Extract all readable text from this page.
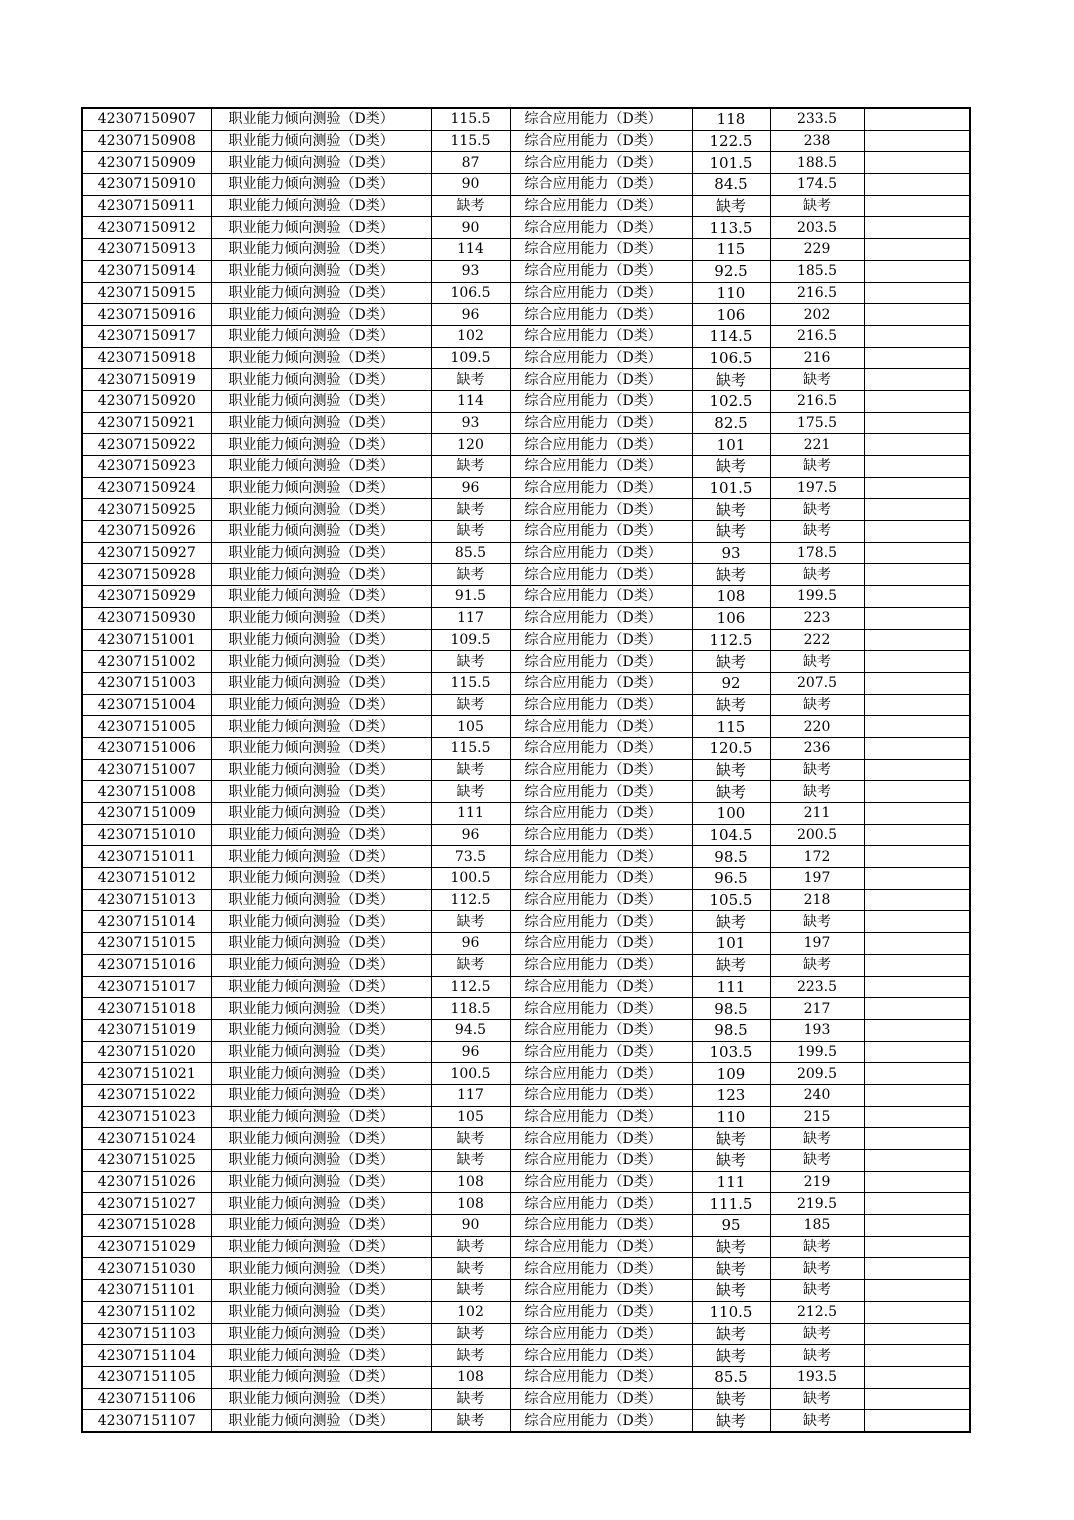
42307150907	职业能力倾向测验（D类）	115.5	综合应用能力（D类）	118	233.5	
42307150908	职业能力倾向测验（D类）	115.5	综合应用能力（D类）	122.5	238	
42307150909	职业能力倾向测验（D类）	87	综合应用能力（D类）	101.5	188.5	
42307150910	职业能力倾向测验（D类）	90	综合应用能力（D类）	84.5	174.5	
42307150911	职业能力倾向测验（D类）	缺考	综合应用能力（D类）	缺考	缺考	
42307150912	职业能力倾向测验（D类）	90	综合应用能力（D类）	113.5	203.5	
42307150913	职业能力倾向测验（D类）	114	综合应用能力（D类）	115	229	
42307150914	职业能力倾向测验（D类）	93	综合应用能力（D类）	92.5	185.5	
42307150915	职业能力倾向测验（D类）	106.5	综合应用能力（D类）	110	216.5	
42307150916	职业能力倾向测验（D类）	96	综合应用能力（D类）	106	202	
42307150917	职业能力倾向测验（D类）	102	综合应用能力（D类）	114.5	216.5	
42307150918	职业能力倾向测验（D类）	109.5	综合应用能力（D类）	106.5	216	
42307150919	职业能力倾向测验（D类）	缺考	综合应用能力（D类）	缺考	缺考	
42307150920	职业能力倾向测验（D类）	114	综合应用能力（D类）	102.5	216.5	
42307150921	职业能力倾向测验（D类）	93	综合应用能力（D类）	82.5	175.5	
42307150922	职业能力倾向测验（D类）	120	综合应用能力（D类）	101	221	
42307150923	职业能力倾向测验（D类）	缺考	综合应用能力（D类）	缺考	缺考	
42307150924	职业能力倾向测验（D类）	96	综合应用能力（D类）	101.5	197.5	
42307150925	职业能力倾向测验（D类）	缺考	综合应用能力（D类）	缺考	缺考	
42307150926	职业能力倾向测验（D类）	缺考	综合应用能力（D类）	缺考	缺考	
42307150927	职业能力倾向测验（D类）	85.5	综合应用能力（D类）	93	178.5	
42307150928	职业能力倾向测验（D类）	缺考	综合应用能力（D类）	缺考	缺考	
42307150929	职业能力倾向测验（D类）	91.5	综合应用能力（D类）	108	199.5	
42307150930	职业能力倾向测验（D类）	117	综合应用能力（D类）	106	223	
42307151001	职业能力倾向测验（D类）	109.5	综合应用能力（D类）	112.5	222	
42307151002	职业能力倾向测验（D类）	缺考	综合应用能力（D类）	缺考	缺考	
42307151003	职业能力倾向测验（D类）	115.5	综合应用能力（D类）	92	207.5	
42307151004	职业能力倾向测验（D类）	缺考	综合应用能力（D类）	缺考	缺考	
42307151005	职业能力倾向测验（D类）	105	综合应用能力（D类）	115	220	
42307151006	职业能力倾向测验（D类）	115.5	综合应用能力（D类）	120.5	236	
42307151007	职业能力倾向测验（D类）	缺考	综合应用能力（D类）	缺考	缺考	
42307151008	职业能力倾向测验（D类）	缺考	综合应用能力（D类）	缺考	缺考	
42307151009	职业能力倾向测验（D类）	111	综合应用能力（D类）	100	211	
42307151010	职业能力倾向测验（D类）	96	综合应用能力（D类）	104.5	200.5	
42307151011	职业能力倾向测验（D类）	73.5	综合应用能力（D类）	98.5	172	
42307151012	职业能力倾向测验（D类）	100.5	综合应用能力（D类）	96.5	197	
42307151013	职业能力倾向测验（D类）	112.5	综合应用能力（D类）	105.5	218	
42307151014	职业能力倾向测验（D类）	缺考	综合应用能力（D类）	缺考	缺考	
42307151015	职业能力倾向测验（D类）	96	综合应用能力（D类）	101	197	
42307151016	职业能力倾向测验（D类）	缺考	综合应用能力（D类）	缺考	缺考	
42307151017	职业能力倾向测验（D类）	112.5	综合应用能力（D类）	111	223.5	
42307151018	职业能力倾向测验（D类）	118.5	综合应用能力（D类）	98.5	217	
42307151019	职业能力倾向测验（D类）	94.5	综合应用能力（D类）	98.5	193	
42307151020	职业能力倾向测验（D类）	96	综合应用能力（D类）	103.5	199.5	
42307151021	职业能力倾向测验（D类）	100.5	综合应用能力（D类）	109	209.5	
42307151022	职业能力倾向测验（D类）	117	综合应用能力（D类）	123	240	
42307151023	职业能力倾向测验（D类）	105	综合应用能力（D类）	110	215	
42307151024	职业能力倾向测验（D类）	缺考	综合应用能力（D类）	缺考	缺考	
42307151025	职业能力倾向测验（D类）	缺考	综合应用能力（D类）	缺考	缺考	
42307151026	职业能力倾向测验（D类）	108	综合应用能力（D类）	111	219	
42307151027	职业能力倾向测验（D类）	108	综合应用能力（D类）	111.5	219.5	
42307151028	职业能力倾向测验（D类）	90	综合应用能力（D类）	95	185	
42307151029	职业能力倾向测验（D类）	缺考	综合应用能力（D类）	缺考	缺考	
42307151030	职业能力倾向测验（D类）	缺考	综合应用能力（D类）	缺考	缺考	
42307151101	职业能力倾向测验（D类）	缺考	综合应用能力（D类）	缺考	缺考	
42307151102	职业能力倾向测验（D类）	102	综合应用能力（D类）	110.5	212.5	
42307151103	职业能力倾向测验（D类）	缺考	综合应用能力（D类）	缺考	缺考	
42307151104	职业能力倾向测验（D类）	缺考	综合应用能力（D类）	缺考	缺考	
42307151105	职业能力倾向测验（D类）	108	综合应用能力（D类）	85.5	193.5	
42307151106	职业能力倾向测验（D类）	缺考	综合应用能力（D类）	缺考	缺考	
42307151107	职业能力倾向测验（D类）	缺考	综合应用能力（D类）	缺考	缺考	
